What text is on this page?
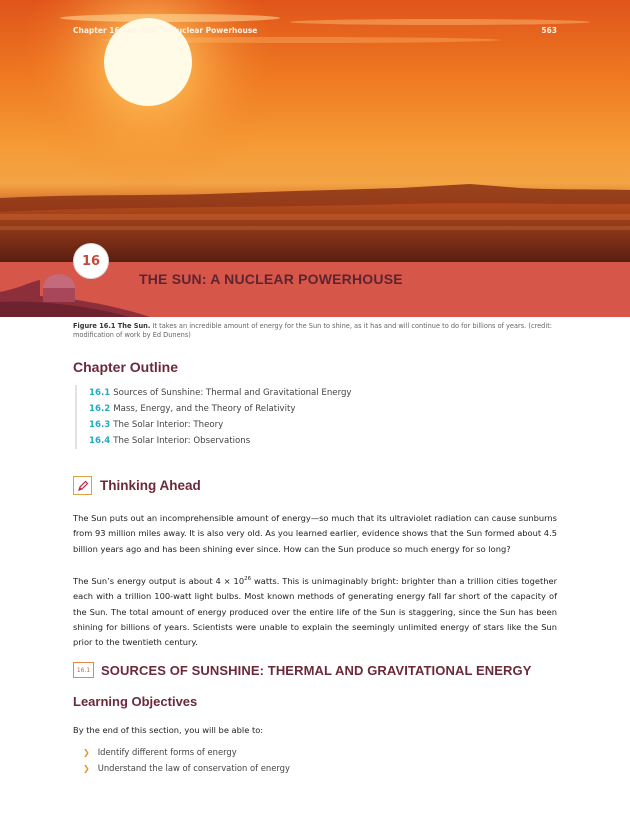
Chapter 16 The Sun: A Nuclear Powerhouse	563
16
THE SUN: A NUCLEAR POWERHOUSE
Figure 16.1 The Sun. It takes an incredible amount of energy for the Sun to shine, as it has and will continue to do for billions of years. (credit: modification of work by Ed Dunens)
Chapter Outline
16.1 Sources of Sunshine: Thermal and Gravitational Energy
16.2 Mass, Energy, and the Theory of Relativity
16.3 The Solar Interior: Theory
16.4 The Solar Interior: Observations
Thinking Ahead
The Sun puts out an incomprehensible amount of energy—so much that its ultraviolet radiation can cause sunburns from 93 million miles away. It is also very old. As you learned earlier, evidence shows that the Sun formed about 4.5 billion years ago and has been shining ever since. How can the Sun produce so much energy for so long?
The Sun’s energy output is about $4 \times 10^{26}$ watts. This is unimaginably bright: brighter than a trillion cities together each with a trillion 100-watt light bulbs. Most known methods of generating energy fall far short of the capacity of the Sun. The total amount of energy produced over the entire life of the Sun is staggering, since the Sun has been shining for billions of years. Scientists were unable to explain the seemingly unlimited energy of stars like the Sun prior to the twentieth century.
16.1 SOURCES OF SUNSHINE: THERMAL AND GRAVITATIONAL ENERGY
Learning Objectives
By the end of this section, you will be able to:
❯ Identify different forms of energy
❯ Understand the law of conservation of energy
